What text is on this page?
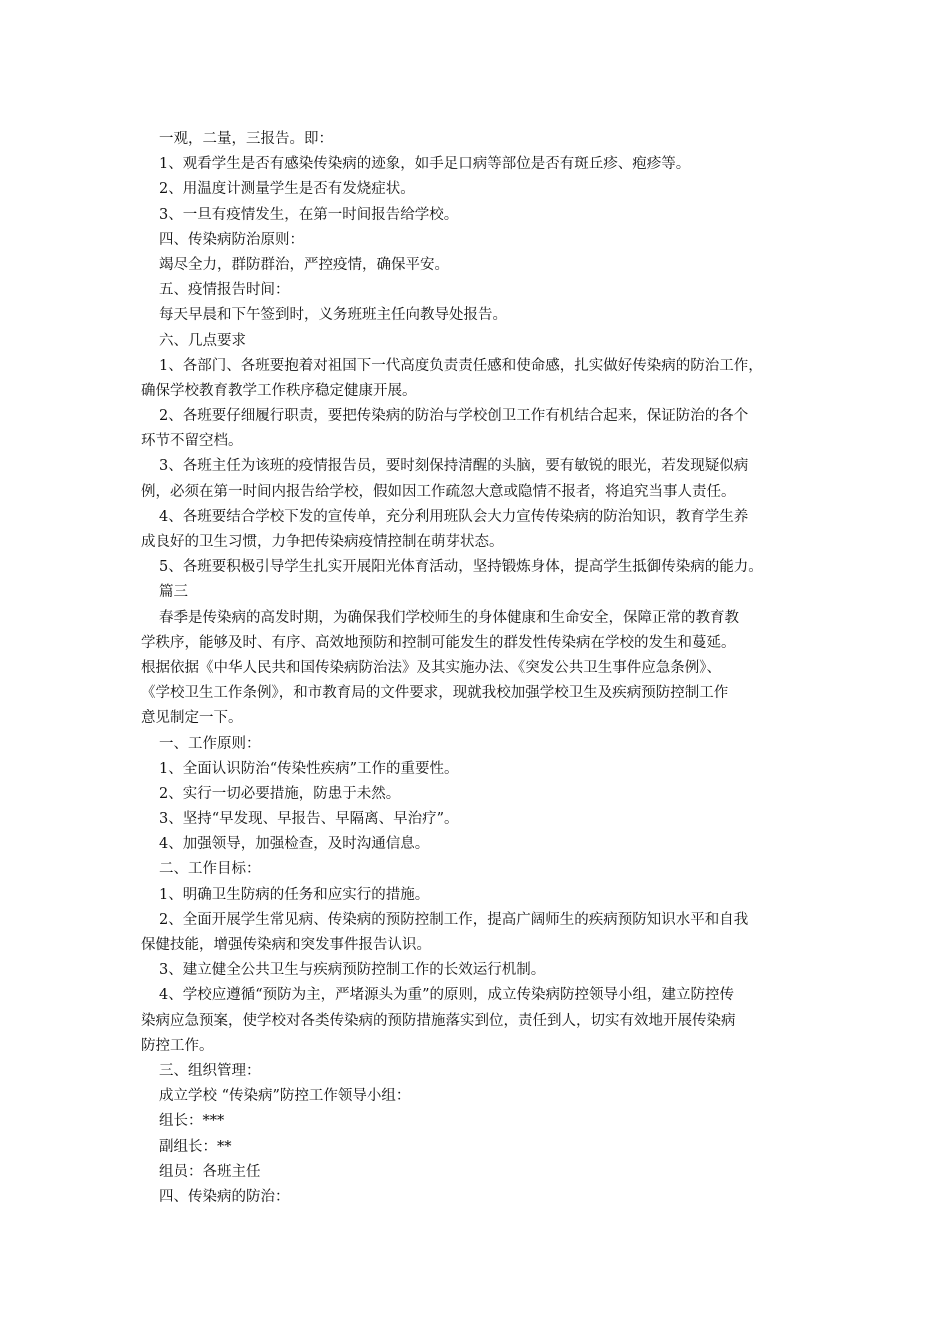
一观，二量，三报告。即：
1、观看学生是否有感染传染病的迹象，如手足口病等部位是否有斑丘疹、疱疹等。
2、用温度计测量学生是否有发烧症状。
3、一旦有疫情发生，在第一时间报告给学校。
四、传染病防治原则：
竭尽全力，群防群治，严控疫情，确保平安。
五、疫情报告时间：
每天早晨和下午签到时，义务班班主任向教导处报告。
六、几点要求
1、各部门、各班要抱着对祖国下一代高度负责责任感和使命感，扎实做好传染病的防治工作，
确保学校教育教学工作秩序稳定健康开展。
2、各班要仔细履行职责，要把传染病的防治与学校创卫工作有机结合起来，保证防治的各个
环节不留空档。
3、各班主任为该班的疫情报告员，要时刻保持清醒的头脑，要有敏锐的眼光，若发现疑似病
例，必须在第一时间内报告给学校，假如因工作疏忽大意或隐情不报者，将追究当事人责任。
4、各班要结合学校下发的宣传单，充分利用班队会大力宣传传染病的防治知识，教育学生养
成良好的卫生习惯，力争把传染病疫情控制在萌芽状态。
5、各班要积极引导学生扎实开展阳光体育活动，坚持锻炼身体，提高学生抵御传染病的能力。
篇三
春季是传染病的高发时期，为确保我们学校师生的身体健康和生命安全，保障正常的教育教
学秩序，能够及时、有序、高效地预防和控制可能发生的群发性传染病在学校的发生和蔓延。
根据依据《中华人民共和国传染病防治法》及其实施办法、《突发公共卫生事件应急条例》、
《学校卫生工作条例》，和市教育局的文件要求，现就我校加强学校卫生及疾病预防控制工作
意见制定一下。
一、工作原则：
1、全面认识防治“传染性疾病”工作的重要性。
2、实行一切必要措施，防患于未然。
3、坚持“早发现、早报告、早隔离、早治疗”。
4、加强领导，加强检查，及时沟通信息。
二、工作目标：
1、明确卫生防病的任务和应实行的措施。
2、全面开展学生常见病、传染病的预防控制工作，提高广阔师生的疾病预防知识水平和自我
保健技能，增强传染病和突发事件报告认识。
3、建立健全公共卫生与疾病预防控制工作的长效运行机制。
4、学校应遵循“预防为主，严堵源头为重”的原则，成立传染病防控领导小组，建立防控传
染病应急预案，使学校对各类传染病的预防措施落实到位，责任到人，切实有效地开展传染病
防控工作。
三、组织管理：
成立学校 “传染病”防控工作领导小组：
组长：***
副组长：**
组员：各班主任
四、传染病的防治：
